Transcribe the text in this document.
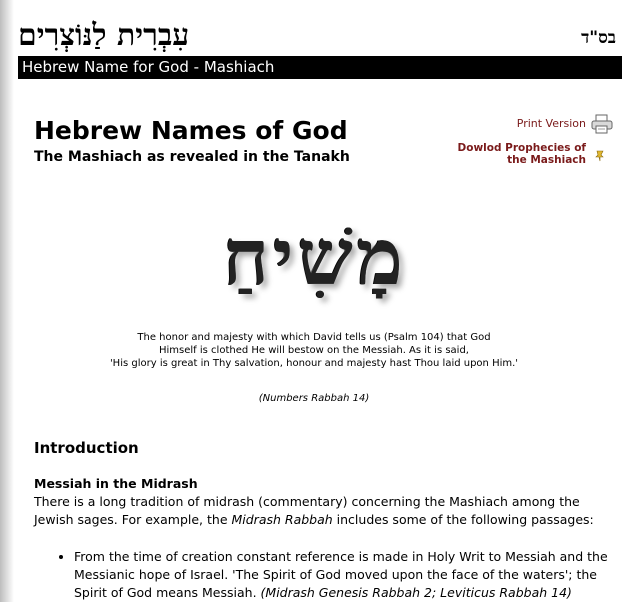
עִבְרִית לַנּוֹצְרִים	בס"ד
Hebrew Name for God - Mashiach
Hebrew Names of God
The Mashiach as revealed in the Tanakh
Print Version
Dowlod Prophecies of
the Mashiach
מָשִׁיחַ

The honor and majesty with which David tells us (Psalm 104) that God

Himself is clothed He will bestow on the Messiah. As it is said,

'His glory is great in Thy salvation, honour and majesty hast Thou laid upon Him.'

(Numbers Rabbah 14)
Introduction
Messiah in the Midrash
There is a long tradition of midrash (commentary) concerning the Mashiach among the Jewish sages. For example, the Midrash Rabbah includes some of the following passages:
• From the time of creation constant reference is made in Holy Writ to Messiah and the Messianic hope of Israel. 'The Spirit of God moved upon the face of the waters'; the Spirit of God means Messiah. (Midrash Genesis Rabbah 2; Leviticus Rabbah 14)
